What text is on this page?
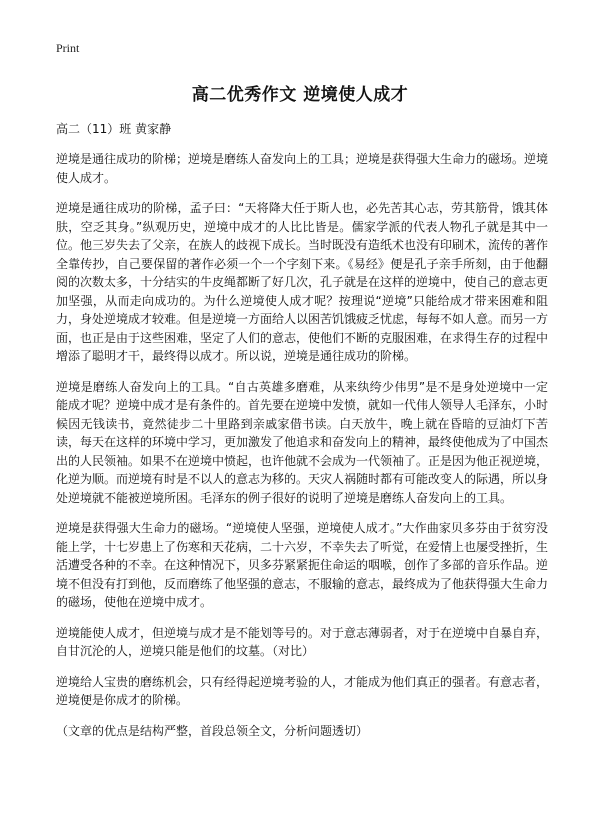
Print
高二优秀作文 逆境使人成才

高二（11）班 黄家静

逆境是通往成功的阶梯；逆境是磨练人奋发向上的工具；逆境是获得强大生命力的磁场。逆境使人成才。

逆境是通往成功的阶梯，孟子曰：“天将降大任于斯人也，必先苦其心志，劳其筋骨，饿其体肤，空乏其身。”纵观历史，逆境中成才的人比比皆是。儒家学派的代表人物孔子就是其中一位。他三岁失去了父亲，在族人的歧视下成长。当时既没有造纸术也没有印刷术，流传的著作全靠传抄，自己要保留的著作必须一个一个字刻下来。《易经》便是孔子亲手所刻，由于他翻阅的次数太多，十分结实的牛皮绳都断了好几次，孔子就是在这样的逆境中，使自己的意志更加坚强，从而走向成功的。为什么逆境使人成才呢？按理说“逆境”只能给成才带来困难和阻力，身处逆境成才较难。但是逆境一方面给人以困苦饥饿疲乏忧虑，每每不如人意。而另一方面，也正是由于这些困难，坚定了人们的意志，使他们不断的克服困难，在求得生存的过程中增添了聪明才干，最终得以成才。所以说，逆境是通往成功的阶梯。

逆境是磨练人奋发向上的工具。“自古英雄多磨难，从来纨绔少伟男”是不是身处逆境中一定能成才呢？逆境中成才是有条件的。首先要在逆境中发愤，就如一代伟人领导人毛泽东，小时候因无钱读书，竟然徒步二十里路到亲戚家借书读。白天放牛，晚上就在昏暗的豆油灯下苦读，每天在这样的环境中学习，更加激发了他追求和奋发向上的精神，最终使他成为了中国杰出的人民领袖。如果不在逆境中愤起，也许他就不会成为一代领袖了。正是因为他正视逆境，化逆为顺。而逆境有时是不以人的意志为移的。天灾人祸随时都有可能改变人的际遇，所以身处逆境就不能被逆境所困。毛泽东的例子很好的说明了逆境是磨练人奋发向上的工具。

逆境是获得强大生命力的磁场。“逆境使人坚强，逆境使人成才。”大作曲家贝多芬由于贫穷没能上学，十七岁患上了伤寒和天花病，二十六岁，不幸失去了听觉，在爱情上也屡受挫折，生活遭受各种的不幸。在这种情况下，贝多芬紧紧扼住命运的咽喉，创作了多部的音乐作品。逆境不但没有打到他，反而磨练了他坚强的意志，不服输的意志，最终成为了他获得强大生命力的磁场，使他在逆境中成才。

逆境能使人成才，但逆境与成才是不能划等号的。对于意志薄弱者，对于在逆境中自暴自弃，自甘沉沦的人，逆境只能是他们的坟墓。（对比）

逆境给人宝贵的磨练机会，只有经得起逆境考验的人，才能成为他们真正的强者。有意志者，逆境便是你成才的阶梯。

（文章的优点是结构严整，首段总领全文，分析问题透切）
